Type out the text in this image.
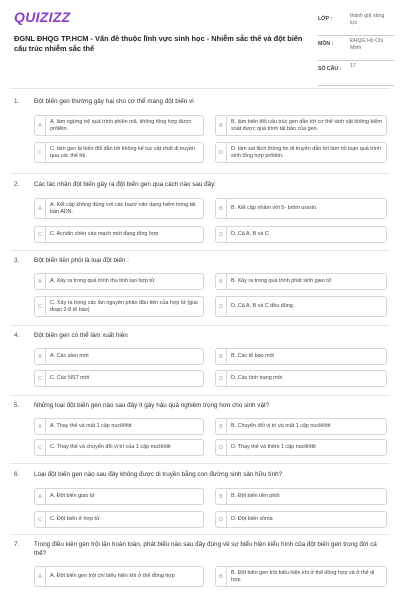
QUIZIZZ
ĐGNL ĐHQG TP.HCM - Vấn đề thuộc lĩnh vực sinh học - Nhiễm sắc thể và đột biến cấu trúc nhiễm sắc thể
LỚP :	thành giả năng lực
MÔN :	ĐHQG Hồ Chí Minh
SỐ CÂU : 17
1. Đột biến gen thường gây hại cho cơ thể mang đột biến vì
A
A. làm ngừng trệ quá trình phiên mã, không tổng hợp được prôtêin.	B
B. làm biến đổi cấu trúc gen dẫn tới cơ thể sinh vật không kiểm soát được quá trình tái bản của gen.
C
C. làm gen bị biến đổi dẫn tới không kế tục vật chất di truyền qua các thế hệ.	D
D. làm sai lệch thông tin di truyền dẫn tới làm rối loạn quá trình sinh tổng hợp prôtêin.
2. Các tác nhân đột biến gây ra đột biến gen qua cách nào sau đây:
A
A. Kết cặp không đúng với các bazơ nitơ dạng hiếm trong tái bản ADN.	B	B. Kết cặp nhầm với 5- brôm uraxin.
C	C. Acridin chèn vào mạch mới đang tổng hợp	D	D. Cả A, B và C
3. Đột biến tiền phôi là loại đột biến :
A	A. Xảy ra trong quá trình thụ tinh tạo hợp tử	B	B. Xảy ra trong quá trình phát sinh giao tử
C
C. Xảy ra trong các lần nguyên phân đầu tiên của hợp tử (giai đoạn 2-8 tế bào)	D	D. Cả A, B và C đều đúng.
4. Đột biến gen có thể làm xuất hiện
A	A. Các alen mới	B	B. Các tế bào mới
C	C. Các NST mới	D	D. Các tính trạng mới
5. Những loại đột biến gen nào sau đây ít gây hậu quả nghiêm trọng hơn cho sinh vật?
A	A. Thay thế và mất 1 cặp nuclêôtit	B	B. Chuyển đổi vị trí và mất 1 cặp nuclêôtit
C	C. Thay thế và chuyển đổi vị trí của 1 cặp nuclêôtit	D	D. Thay thế và thêm 1 cặp nuclêôtit
6. Loại đột biến gen nào sau đây không được di truyền bằng con đường sinh sản hữu tính?
A	A. Đột biến giao tử	B	B. Đột biến tiền phôi
C	C. Đột biến ở hợp tử	D	D. Đột biến xôma
7. Trong điều kiện gen trội lặn hoàn toàn, phát biểu nào sau đây đúng về sự biểu hiện kiểu hình của đột biến gen trong đời cá thể?
A	A. Đột biến gen trội chỉ biểu hiện khi ở thể đồng hợp	B
B. Đột biến gen trội biểu hiện khi ở thể đồng hợp và ở thể dị hợp
